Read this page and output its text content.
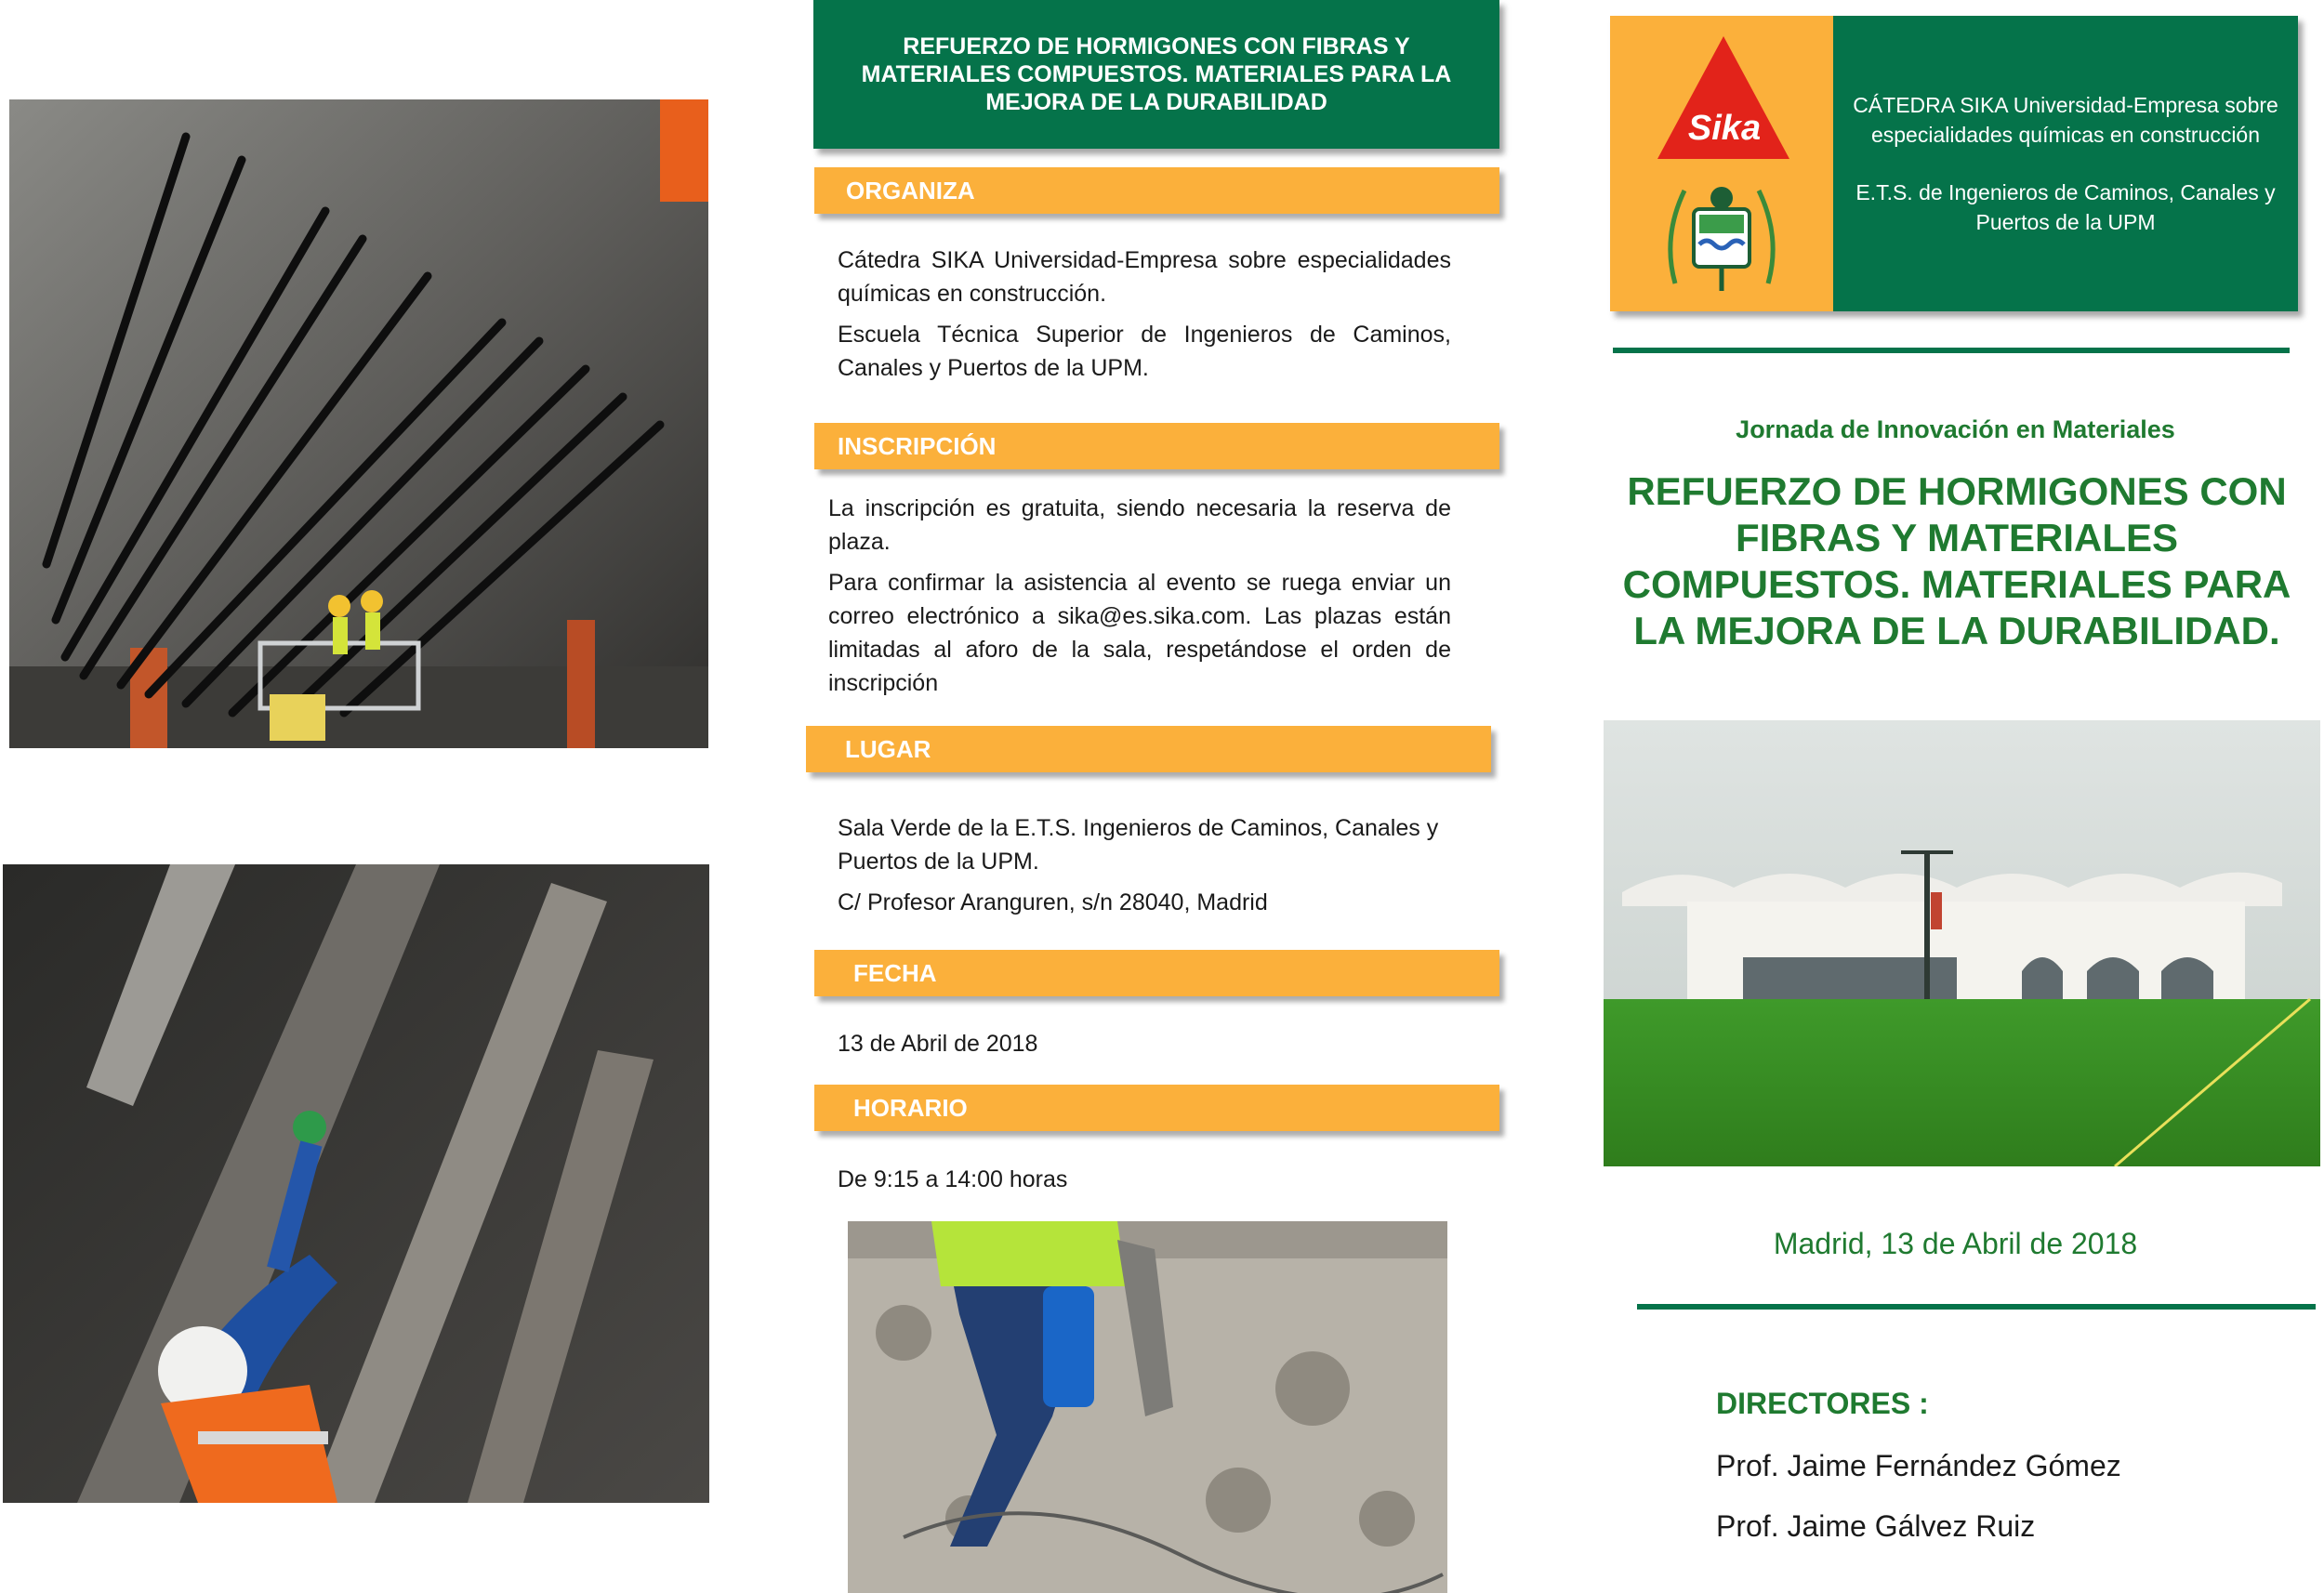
REFUERZO DE HORMIGONES CON FIBRAS Y MATERIALES COMPUESTOS. MATERIALES PARA LA MEJORA DE LA DURABILIDAD
ORGANIZA

Cátedra SIKA Universidad-Empresa sobre especialidades químicas en construcción.

Escuela Técnica Superior de Ingenieros de Caminos, Canales y Puertos de la UPM.

INSCRIPCIÓN

La inscripción es gratuita, siendo necesaria la reserva de plaza.

Para confirmar la asistencia al evento se ruega enviar un correo electrónico a sika@es.sika.com. Las plazas están limitadas al aforo de la sala, respetándose el orden de inscripción

LUGAR

Sala Verde de la E.T.S. Ingenieros de Caminos, Canales y Puertos de la UPM.

C/ Profesor Aranguren, s/n 28040, Madrid

FECHA
13 de Abril de 2018
HORARIO
De 9:15 a 14:00 horas
Sika

CÁTEDRA SIKA Universidad-Empresa sobre especialidades químicas en construcción

E.T.S. de Ingenieros de Caminos, Canales y Puertos de la UPM

Jornada de Innovación en Materiales
REFUERZO DE HORMIGONES CON FIBRAS Y MATERIALES COMPUESTOS. MATERIALES PARA LA MEJORA DE LA DURABILIDAD.
Madrid, 13 de Abril de 2018
DIRECTORES :
Prof. Jaime Fernández Gómez
Prof. Jaime Gálvez Ruiz
